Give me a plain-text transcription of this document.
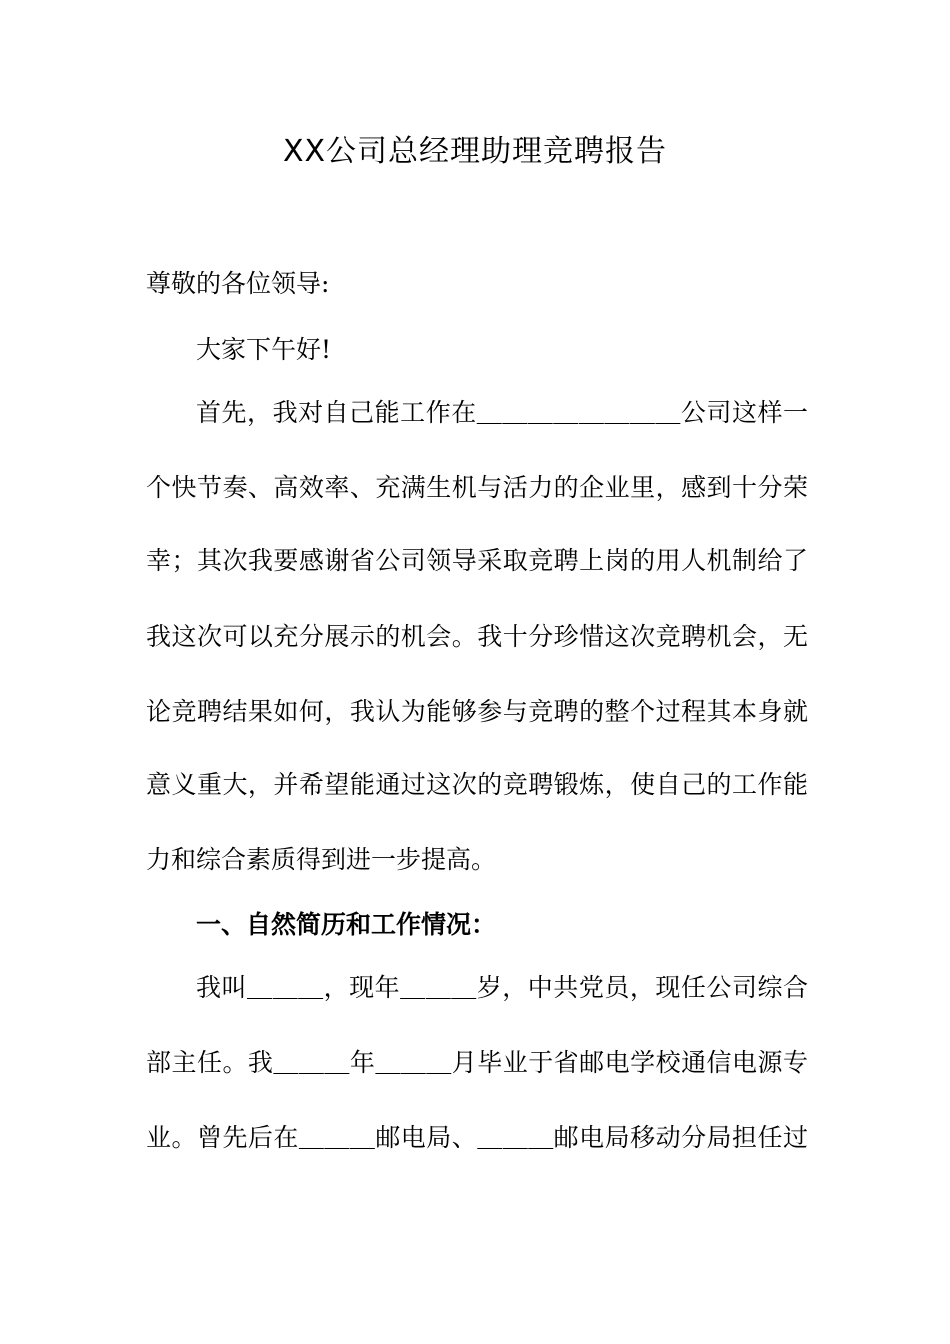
XX公司总经理助理竞聘报告
尊敬的各位领导:
大家下午好!
首先，我对自己能工作在＿＿＿＿＿＿＿＿公司这样一
个快节奏、高效率、充满生机与活力的企业里，感到十分荣
幸；其次我要感谢省公司领导采取竞聘上岗的用人机制给了
我这次可以充分展示的机会。我十分珍惜这次竞聘机会，无
论竞聘结果如何，我认为能够参与竞聘的整个过程其本身就
意义重大，并希望能通过这次的竞聘锻炼，使自己的工作能
力和综合素质得到进一步提高。
一、自然简历和工作情况：
我叫＿＿＿，现年＿＿＿岁，中共党员，现任公司综合
部主任。我＿＿＿年＿＿＿月毕业于省邮电学校通信电源专
业。曾先后在＿＿＿邮电局、＿＿＿邮电局移动分局担任过
